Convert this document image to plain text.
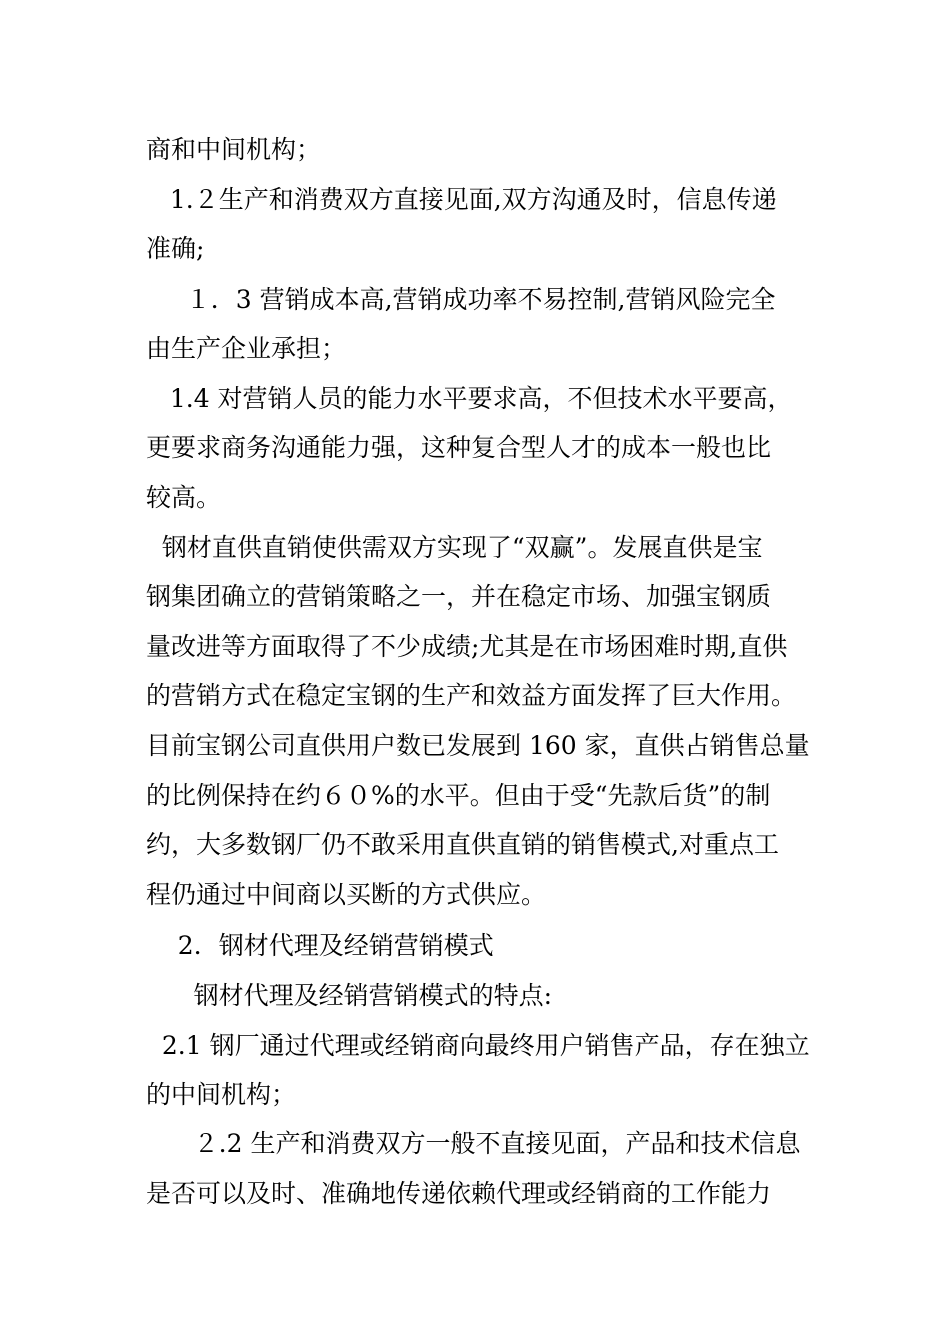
商和中间机构；
1.２生产和消费双方直接见面,双方沟通及时，信息传递
准确;
１．3 营销成本高,营销成功率不易控制,营销风险完全
由生产企业承担；
1.4 对营销人员的能力水平要求高，不但技术水平要高，
更要求商务沟通能力强，这种复合型人才的成本一般也比
较高。
钢材直供直销使供需双方实现了“双赢”。发展直供是宝
钢集团确立的营销策略之一，并在稳定市场、加强宝钢质
量改进等方面取得了不少成绩;尤其是在市场困难时期,直供
的营销方式在稳定宝钢的生产和效益方面发挥了巨大作用。
目前宝钢公司直供用户数已发展到 160 家，直供占销售总量
的比例保持在约６０%的水平。但由于受“先款后货”的制
约，大多数钢厂仍不敢采用直供直销的销售模式,对重点工
程仍通过中间商以买断的方式供应。
2．钢材代理及经销营销模式
钢材代理及经销营销模式的特点:
2.1 钢厂通过代理或经销商向最终用户销售产品，存在独立
的中间机构；
２.2 生产和消费双方一般不直接见面，产品和技术信息
是否可以及时、准确地传递依赖代理或经销商的工作能力
